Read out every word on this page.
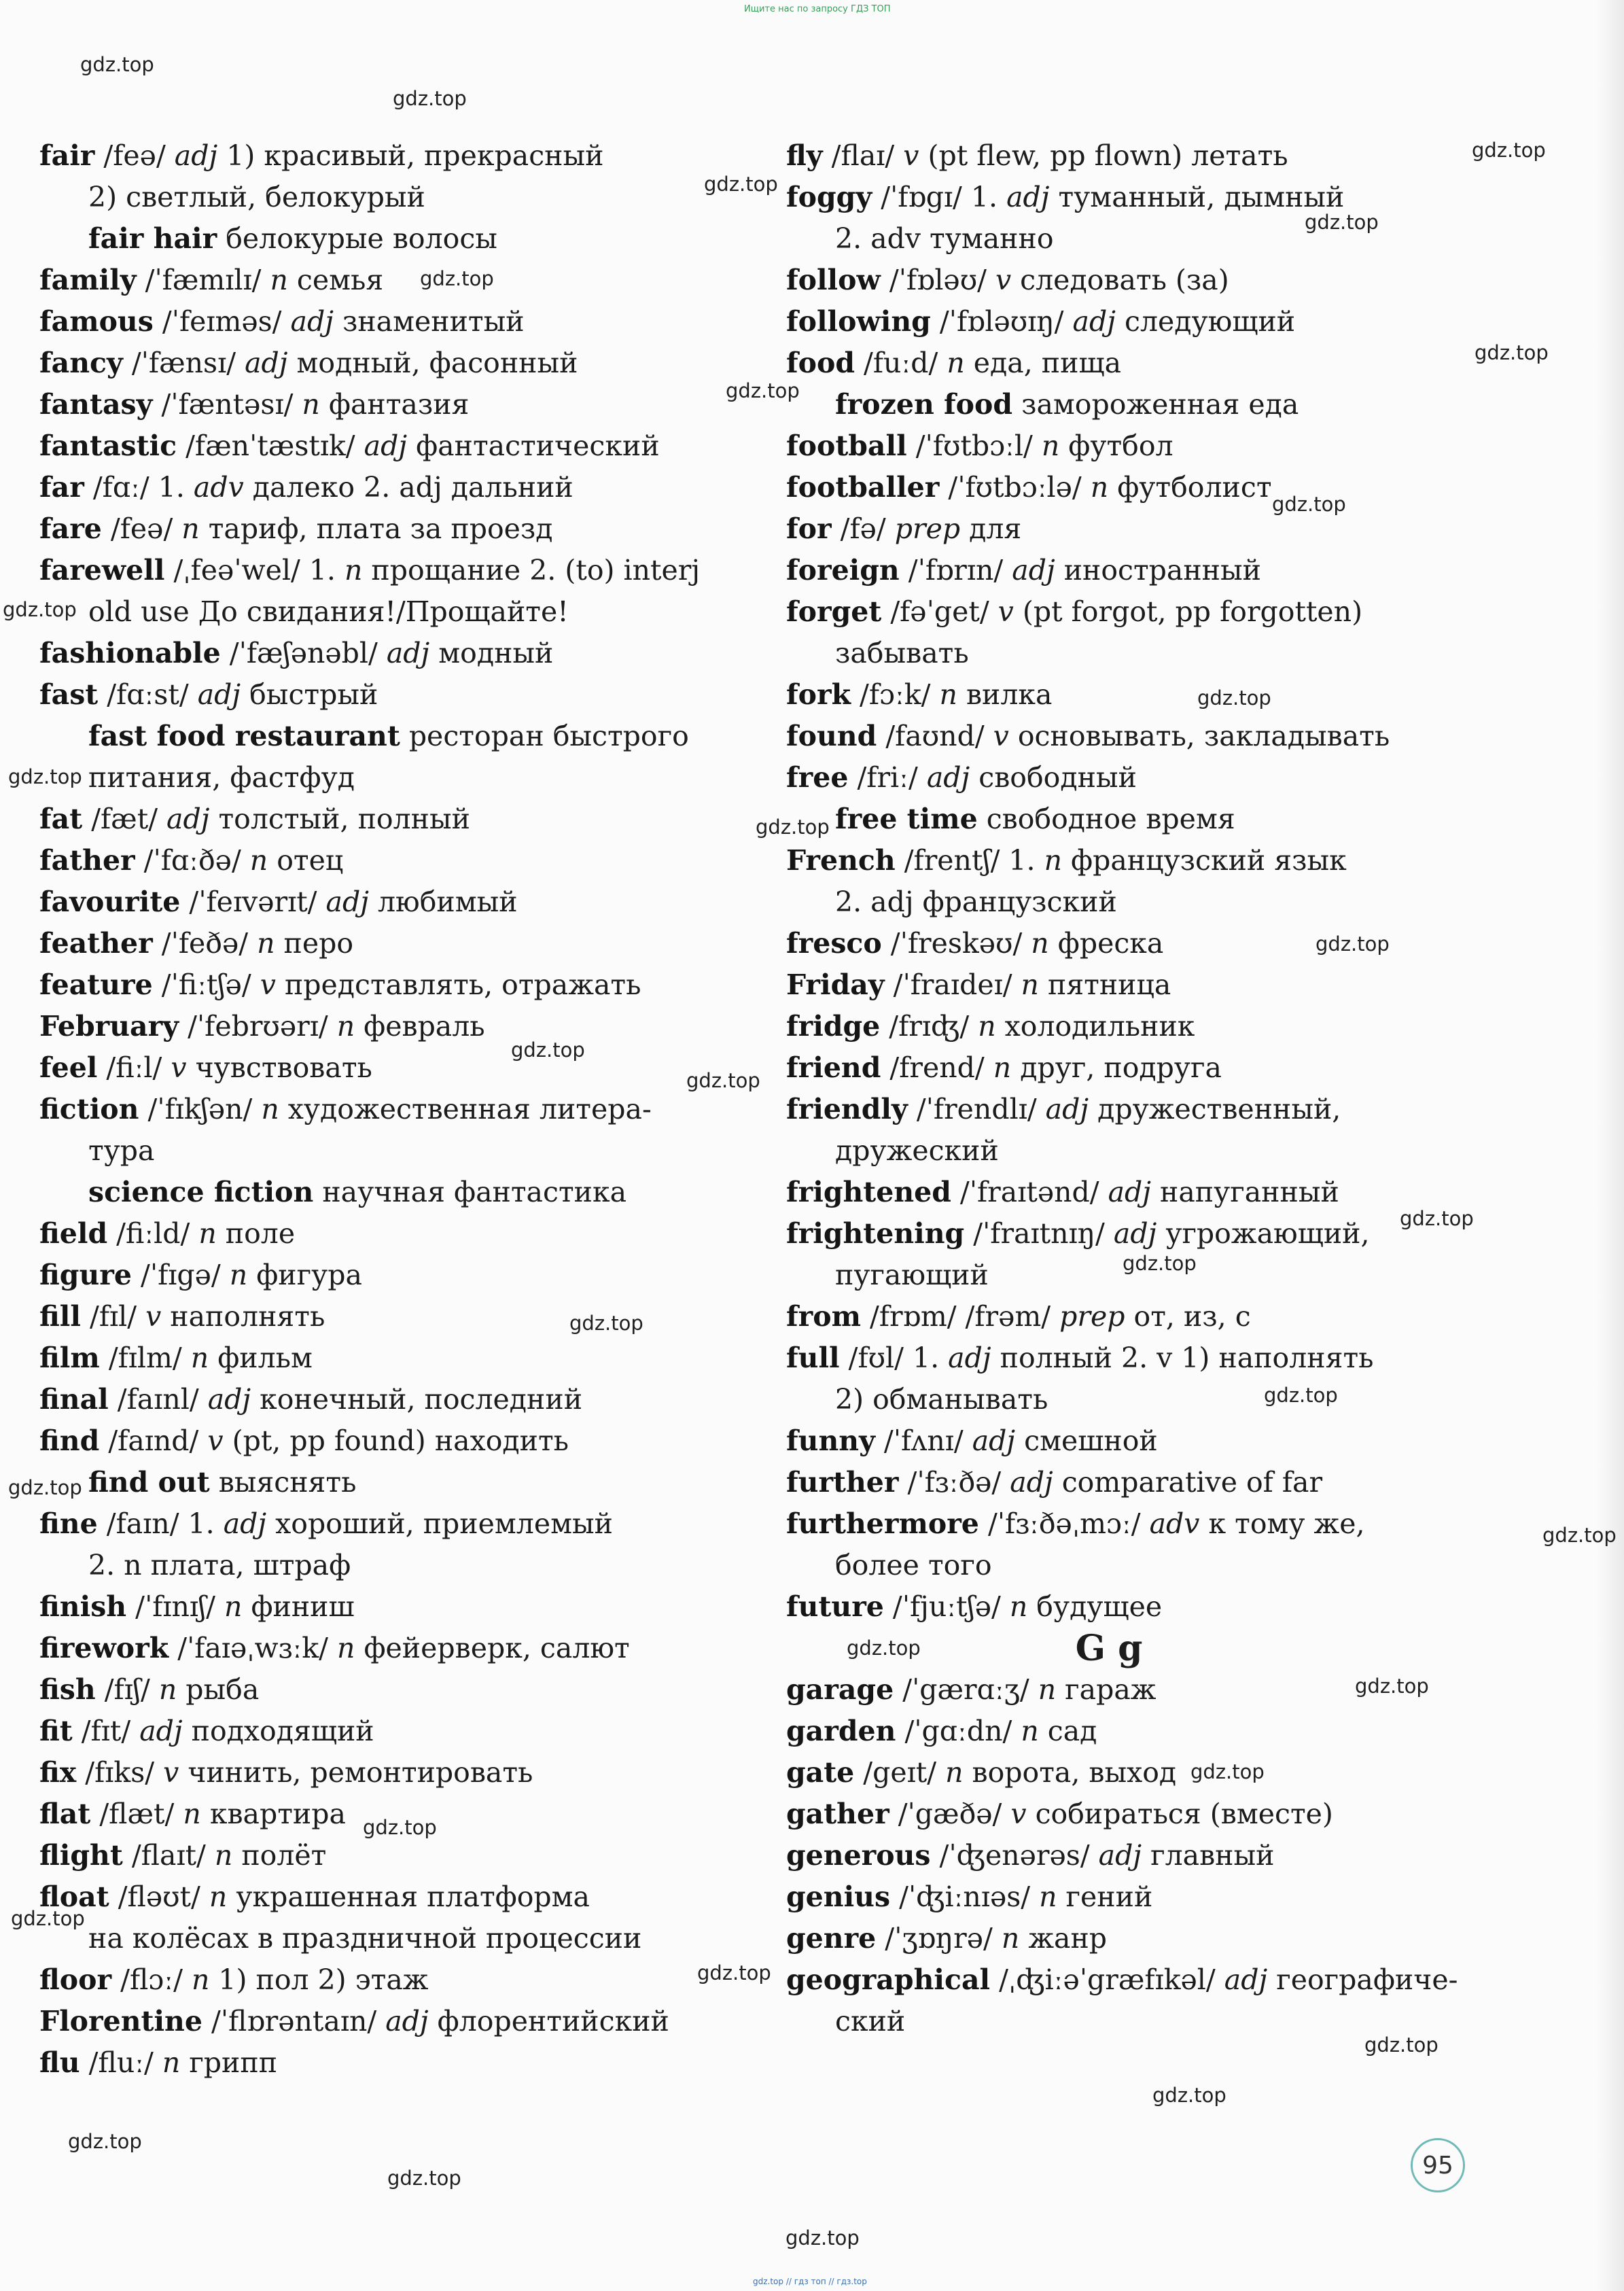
Ищите нас по запросу ГДЗ ТОП
fair /feə/ adj 1) красивый, прекрасный
2) светлый, белокурый
fair hair белокурые волосы
family /ˈfæmɪlɪ/ n семья
famous /ˈfeɪməs/ adj знаменитый
fancy /ˈfænsɪ/ adj модный, фасонный
fantasy /ˈfæntəsɪ/ n фантазия
fantastic /fænˈtæstɪk/ adj фантастический
far /fɑː/ 1. adv далеко 2. adj дальний
fare /feə/ n тариф, плата за проезд
farewell /ˌfeəˈwel/ 1. n прощание 2. (to) interj
old use До свидания!/Прощайте!
fashionable /ˈfæʃənəbl/ adj модный
fast /fɑːst/ adj быстрый
fast food restaurant ресторан быстрого
питания, фастфуд
fat /fæt/ adj толстый, полный
father /ˈfɑːðə/ n отец
favourite /ˈfeɪvərɪt/ adj любимый
feather /ˈfeðə/ n перо
feature /ˈfiːtʃə/ v представлять, отражать
February /ˈfebrʊərɪ/ n февраль
feel /fiːl/ v чувствовать
fiction /ˈfɪkʃən/ n художественная литера-
тура
science fiction научная фантастика
field /fiːld/ n поле
figure /ˈfɪgə/ n фигура
fill /fɪl/ v наполнять
film /fɪlm/ n фильм
final /faɪnl/ adj конечный, последний
find /faɪnd/ v (pt, pp found) находить
find out выяснять
fine /faɪn/ 1. adj хороший, приемлемый
2. n плата, штраф
finish /ˈfɪnɪʃ/ n финиш
firework /ˈfaɪəˌwɜːk/ n фейерверк, салют
fish /fɪʃ/ n рыба
fit /fɪt/ adj подходящий
fix /fɪks/ v чинить, ремонтировать
flat /flæt/ n квартира
flight /flaɪt/ n полёт
float /fləʊt/ n украшенная платформа
на колёсах в праздничной процессии
floor /flɔː/ n 1) пол 2) этаж
Florentine /ˈflɒrəntaɪn/ adj флорентийский
flu /fluː/ n грипп
fly /flaɪ/ v (pt flew, pp flown) летать
foggy /ˈfɒgɪ/ 1. adj туманный, дымный
2. adv туманно
follow /ˈfɒləʊ/ v следовать (за)
following /ˈfɒləʊɪŋ/ adj следующий
food /fuːd/ n еда, пища
frozen food замороженная еда
football /ˈfʊtbɔːl/ n футбол
footballer /ˈfʊtbɔːlə/ n футболист
for /fə/ prep для
foreign /ˈfɒrɪn/ adj иностранный
forget /fəˈget/ v (pt forgot, pp forgotten)
забывать
fork /fɔːk/ n вилка
found /faʊnd/ v основывать, закладывать
free /friː/ adj свободный
free time свободное время
French /frentʃ/ 1. n французский язык
2. adj французский
fresco /ˈfreskəʊ/ n фреска
Friday /ˈfraɪdeɪ/ n пятница
fridge /frɪʤ/ n холодильник
friend /frend/ n друг, подруга
friendly /ˈfrendlɪ/ adj дружественный,
дружеский
frightened /ˈfraɪtənd/ adj напуганный
frightening /ˈfraɪtnɪŋ/ adj угрожающий,
пугающий
from /frɒm/ /frəm/ prep от, из, с
full /fʊl/ 1. adj полный 2. v 1) наполнять
2) обманывать
funny /ˈfʌnɪ/ adj смешной
further /ˈfɜːðə/ adj comparative of far
furthermore /ˈfɜːðəˌmɔː/ adv к тому же,
более того
future /ˈfjuːtʃə/ n будущее
G g
garage /ˈgærɑːʒ/ n гараж
garden /ˈgɑːdn/ n сад
gate /geɪt/ n ворота, выход
gather /ˈgæðə/ v собираться (вместе)
generous /ˈʤenərəs/ adj главный
genius /ˈʤiːnɪəs/ n гений
genre /ˈʒɒŋrə/ n жанр
geographical /ˌʤiːəˈgræfɪkəl/ adj географиче-
ский
gdz.top
gdz.top
gdz.top
gdz.top
gdz.top
gdz.top
gdz.top
gdz.top
gdz.top
gdz.top
gdz.top
gdz.top
gdz.top
gdz.top
gdz.top
gdz.top
gdz.top
gdz.top
gdz.top
gdz.top
gdz.top
gdz.top
gdz.top
gdz.top
gdz.top
gdz.top
gdz.top
gdz.top
gdz.top
gdz.top
gdz.top
gdz.top
gdz.top
95
gdz.top // гдз топ // гдз.top
